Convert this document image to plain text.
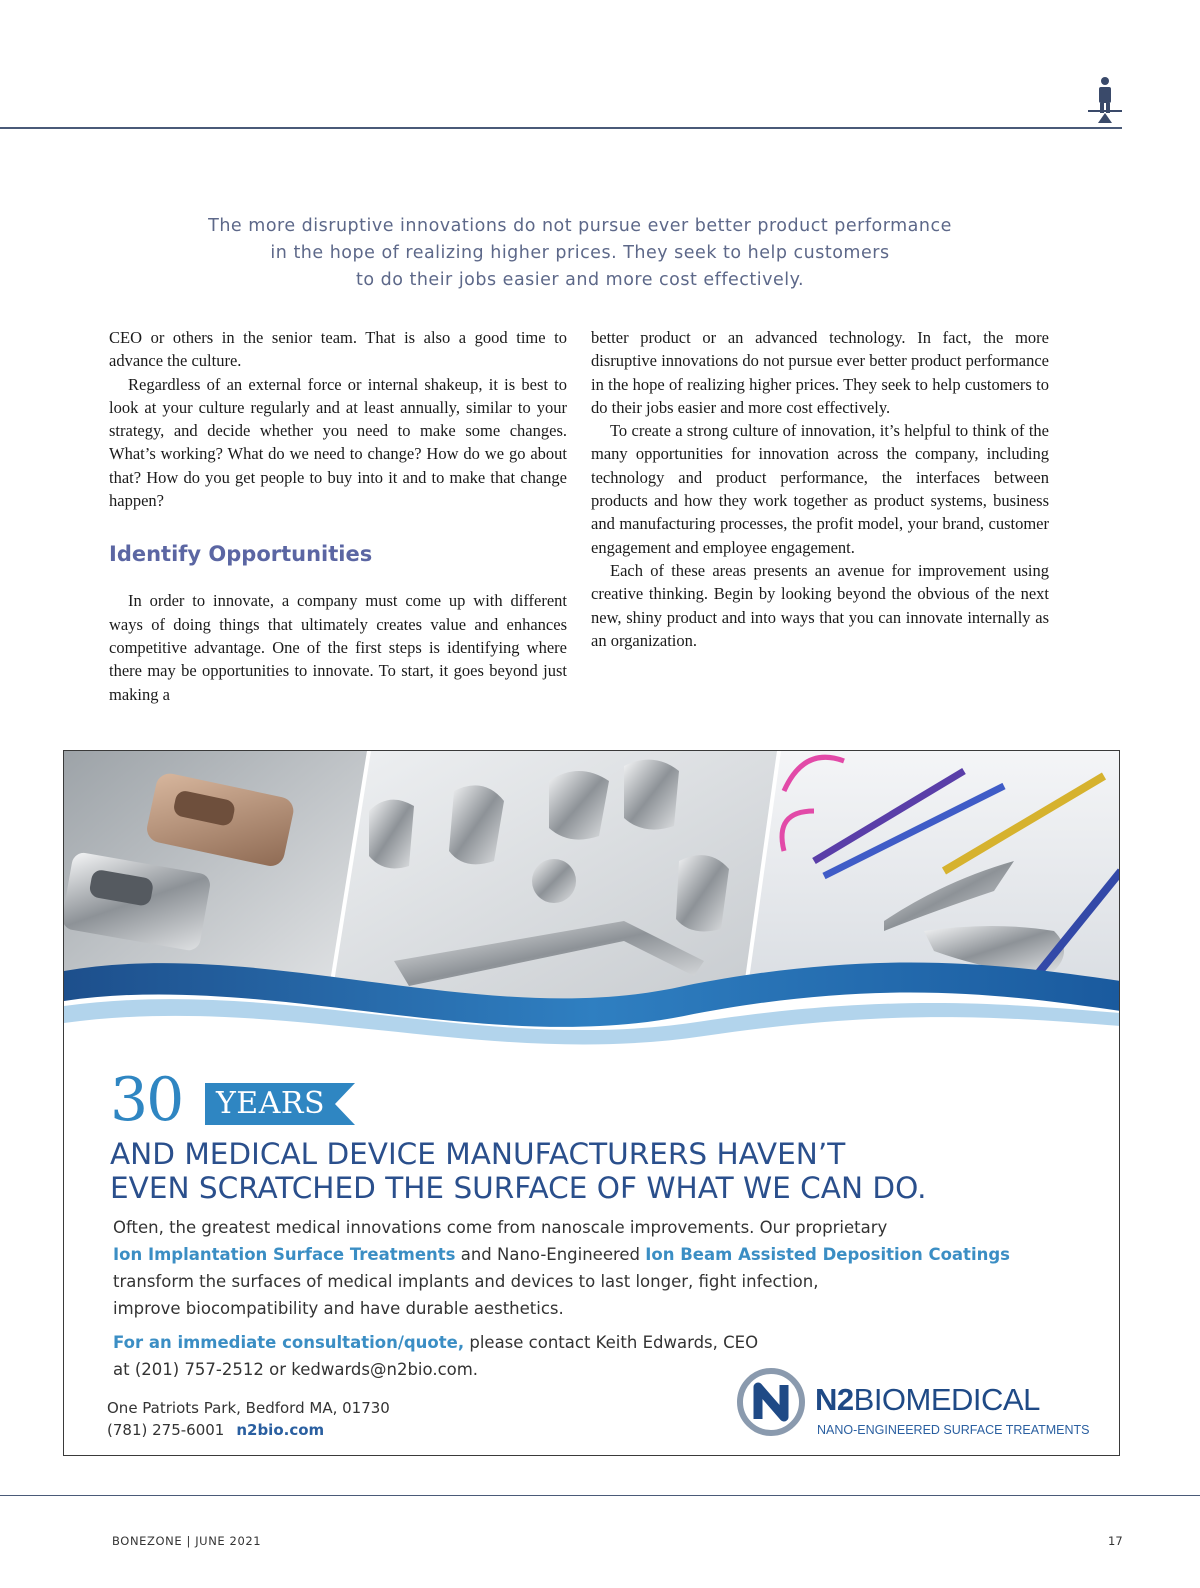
The more disruptive innovations do not pursue ever better product performance
in the hope of realizing higher prices. They seek to help customers
to do their jobs easier and more cost effectively.

CEO or others in the senior team. That is also a good time to advance the culture.

Regardless of an external force or internal shakeup, it is best to look at your culture regularly and at least annually, similar to your strategy, and decide whether you need to make some changes. What’s working? What do we need to change? How do we go about that? How do you get people to buy into it and to make that change happen?

Identify Opportunities

In order to innovate, a company must come up with different ways of doing things that ultimately creates value and enhances competitive advantage. One of the first steps is identifying where there may be opportunities to innovate. To start, it goes beyond just making a

better product or an advanced technology. In fact, the more disruptive innovations do not pursue ever better product performance in the hope of realizing higher prices. They seek to help customers to do their jobs easier and more cost effectively.

To create a strong culture of innovation, it’s helpful to think of the many opportunities for innovation across the company, including technology and product performance, the interfaces between products and how they work together as product systems, business and manufacturing processes, the profit model, your brand, customer engagement and employee engagement.

Each of these areas presents an avenue for improvement using creative thinking. Begin by looking beyond the obvious of the next new, shiny product and into ways that you can innovate internally as an organization.

30 YEARS
AND MEDICAL DEVICE MANUFACTURERS HAVEN’T
EVEN SCRATCHED THE SURFACE OF WHAT WE CAN DO.
Often, the greatest medical innovations come from nanoscale improvements. Our proprietary
Ion Implantation Surface Treatments and Nano-Engineered Ion Beam Assisted Deposition Coatings
transform the surfaces of medical implants and devices to last longer, fight infection,
improve biocompatibility and have durable aesthetics.
For an immediate consultation/quote, please contact Keith Edwards, CEO
at (201) 757-2512 or kedwards@n2bio.com.
One Patriots Park, Bedford MA, 01730
(781) 275-6001 n2bio.com
N2BIOMEDICAL
NANO-ENGINEERED SURFACE TREATMENTS
BONEZONE | JUNE 2021	17
